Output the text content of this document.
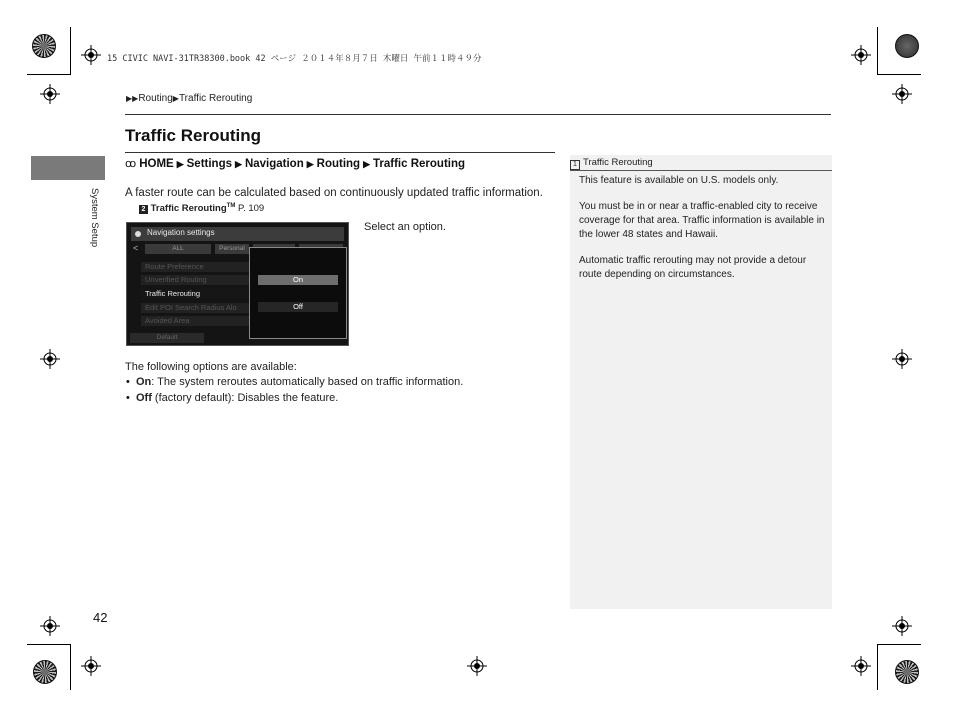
15 CIVIC NAVI-31TR38300.book 42 ページ ２０１４年８月７日 木曜日 午前１１時４９分
▶▶Routing▶Traffic Rerouting
Traffic Rerouting
System Setup
ꝏ HOME ▶ Settings ▶ Navigation ▶ Routing ▶ Traffic Rerouting
A faster route can be calculated based on continuously updated traffic information.
2 Traffic Rerouting™ P. 109
Navigation settings
<	ALL	Personal
Route Preference
Unverified Routing
Traffic Rerouting
Edit POI Search Radius Alo
Avoided Area
Default
On
Off
Select an option.
The following options are available:
• On: The system reroutes automatically based on traffic information.
• Off (factory default): Disables the feature.
1 Traffic Rerouting
This feature is available on U.S. models only.
You must be in or near a traffic-enabled city to receive coverage for that area. Traffic information is available in the lower 48 states and Hawaii.
Automatic traffic rerouting may not provide a detour route depending on circumstances.
42
